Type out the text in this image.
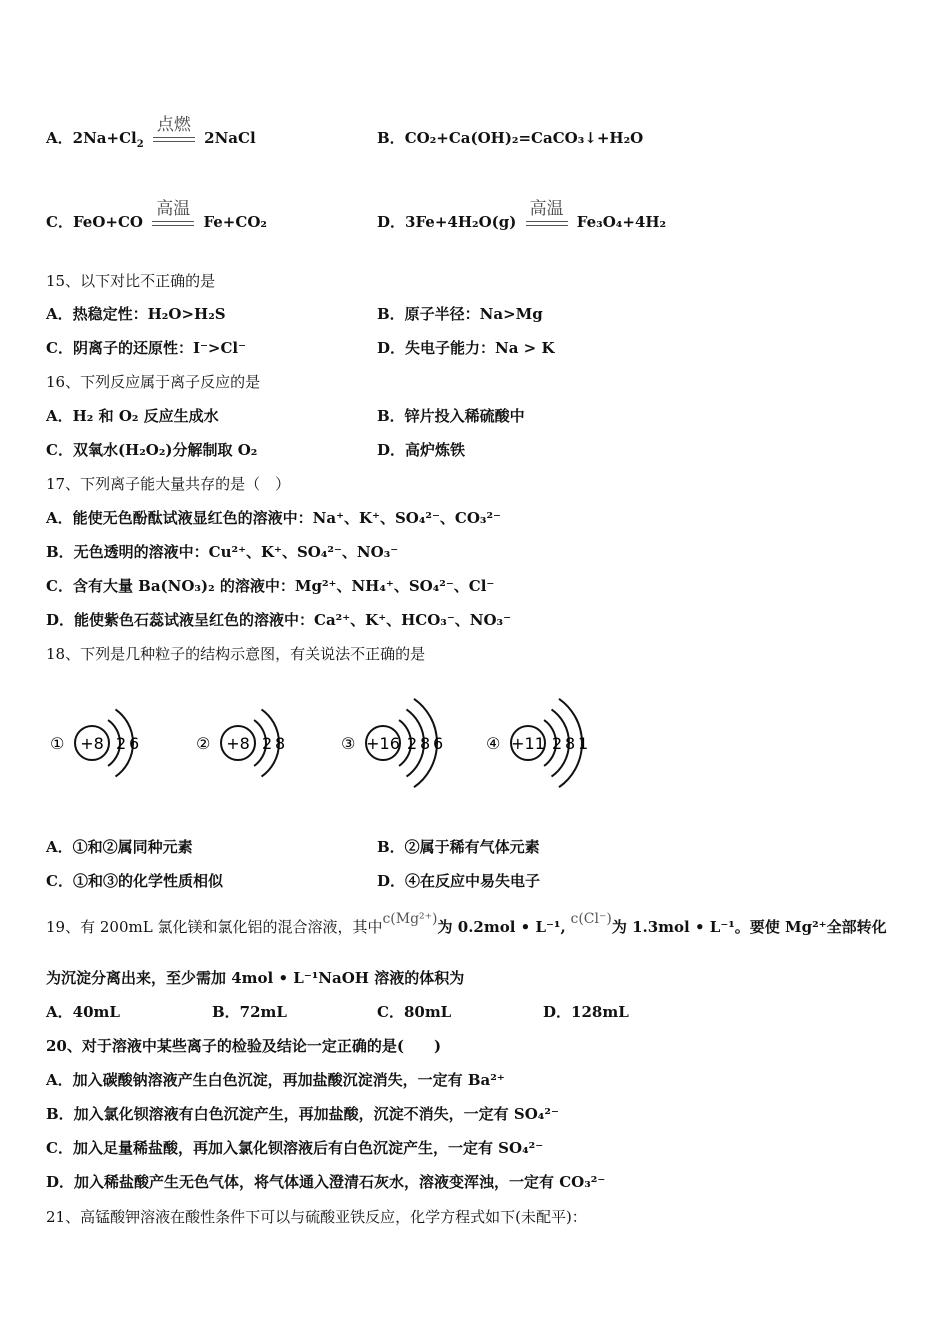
A．$2Na+Cl_2$
点燃
2NaCl	B．CO₂+Ca(OH)₂=CaCO₃↓+H₂O
C．FeO+CO
高温
Fe+CO₂	D．3Fe+4H₂O(g)
高温
Fe₃O₄+4H₂
15、以下对比不正确的是
A．热稳定性：H₂O>H₂S	B．原子半径：Na>Mg
C．阴离子的还原性：I⁻>Cl⁻	D．失电子能力：Na > K
16、下列反应属于离子反应的是
A．H₂ 和 O₂ 反应生成水	B．锌片投入稀硫酸中
C．双氧水(H₂O₂)分解制取 O₂	D．高炉炼铁
17、下列离子能大量共存的是（　）
A．能使无色酚酞试液显红色的溶液中：Na⁺、K⁺、SO₄²⁻、CO₃²⁻
B．无色透明的溶液中：Cu²⁺、K⁺、SO₄²⁻、NO₃⁻
C．含有大量 Ba(NO₃)₂ 的溶液中：Mg²⁺、NH₄⁺、SO₄²⁻、Cl⁻
D．能使紫色石蕊试液呈红色的溶液中：Ca²⁺、K⁺、HCO₃⁻、NO₃⁻
18、下列是几种粒子的结构示意图，有关说法不正确的是
① +8 2 6	② +8 2 8	③ +16 2 8 6	④ +11 2 8 1
A．①和②属同种元素	B．②属于稀有气体元素
C．①和③的化学性质相似	D．④在反应中易失电子
19、有 200mL 氯化镁和氯化铝的混合溶液，其中c(Mg²⁺)为 0.2mol • L⁻¹, c(Cl⁻)为 1.3mol • L⁻¹。要使 Mg²⁺全部转化
为沉淀分离出来，至少需加 4mol • L⁻¹NaOH 溶液的体积为
A．40mL	B．72mL	C．80mL	D．128mL
20、对于溶液中某些离子的检验及结论一定正确的是(　　)
A．加入碳酸钠溶液产生白色沉淀，再加盐酸沉淀消失，一定有 Ba²⁺
B．加入氯化钡溶液有白色沉淀产生，再加盐酸，沉淀不消失，一定有 SO₄²⁻
C．加入足量稀盐酸，再加入氯化钡溶液后有白色沉淀产生，一定有 SO₄²⁻
D．加入稀盐酸产生无色气体，将气体通入澄清石灰水，溶液变浑浊，一定有 CO₃²⁻
21、高锰酸钾溶液在酸性条件下可以与硫酸亚铁反应，化学方程式如下(未配平)：
